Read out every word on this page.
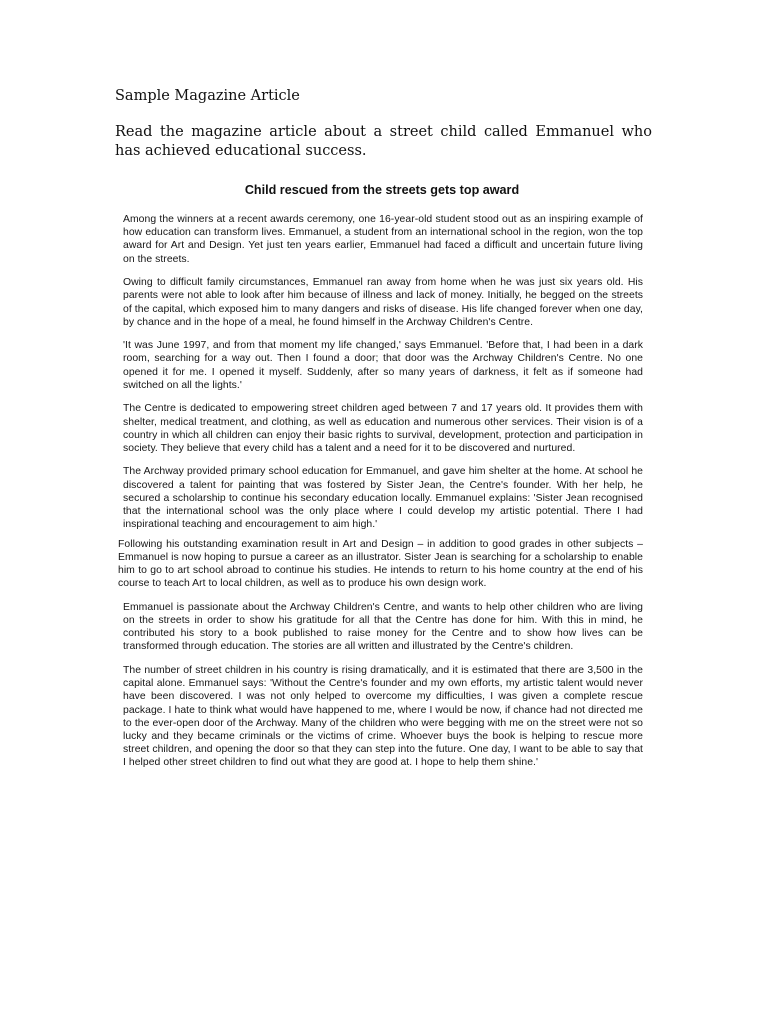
Sample Magazine Article

Read the magazine article about a street child called Emmanuel who has achieved educational success.

Child rescued from the streets gets top award

Among the winners at a recent awards ceremony, one 16-year-old student stood out as an inspiring example of how education can transform lives. Emmanuel, a student from an international school in the region, won the top award for Art and Design. Yet just ten years earlier, Emmanuel had faced a difficult and uncertain future living on the streets.

Owing to difficult family circumstances, Emmanuel ran away from home when he was just six years old. His parents were not able to look after him because of illness and lack of money. Initially, he begged on the streets of the capital, which exposed him to many dangers and risks of disease. His life changed forever when one day, by chance and in the hope of a meal, he found himself in the Archway Children's Centre.

'It was June 1997, and from that moment my life changed,' says Emmanuel. 'Before that, I had been in a dark room, searching for a way out. Then I found a door; that door was the Archway Children's Centre. No one opened it for me. I opened it myself. Suddenly, after so many years of darkness, it felt as if someone had switched on all the lights.'

The Centre is dedicated to empowering street children aged between 7 and 17 years old. It provides them with shelter, medical treatment, and clothing, as well as education and numerous other services. Their vision is of a country in which all children can enjoy their basic rights to survival, development, protection and participation in society. They believe that every child has a talent and a need for it to be discovered and nurtured.

The Archway provided primary school education for Emmanuel, and gave him shelter at the home. At school he discovered a talent for painting that was fostered by Sister Jean, the Centre's founder. With her help, he secured a scholarship to continue his secondary education locally. Emmanuel explains: 'Sister Jean recognised that the international school was the only place where I could develop my artistic potential. There I had inspirational teaching and encouragement to aim high.'

Following his outstanding examination result in Art and Design – in addition to good grades in other subjects – Emmanuel is now hoping to pursue a career as an illustrator. Sister Jean is searching for a scholarship to enable him to go to art school abroad to continue his studies. He intends to return to his home country at the end of his course to teach Art to local children, as well as to produce his own design work.

Emmanuel is passionate about the Archway Children's Centre, and wants to help other children who are living on the streets in order to show his gratitude for all that the Centre has done for him. With this in mind, he contributed his story to a book published to raise money for the Centre and to show how lives can be transformed through education. The stories are all written and illustrated by the Centre's children.

The number of street children in his country is rising dramatically, and it is estimated that there are 3,500 in the capital alone. Emmanuel says: 'Without the Centre's founder and my own efforts, my artistic talent would never have been discovered. I was not only helped to overcome my difficulties, I was given a complete rescue package. I hate to think what would have happened to me, where I would be now, if chance had not directed me to the ever-open door of the Archway. Many of the children who were begging with me on the street were not so lucky and they became criminals or the victims of crime. Whoever buys the book is helping to rescue more street children, and opening the door so that they can step into the future. One day, I want to be able to say that I helped other street children to find out what they are good at. I hope to help them shine.'
